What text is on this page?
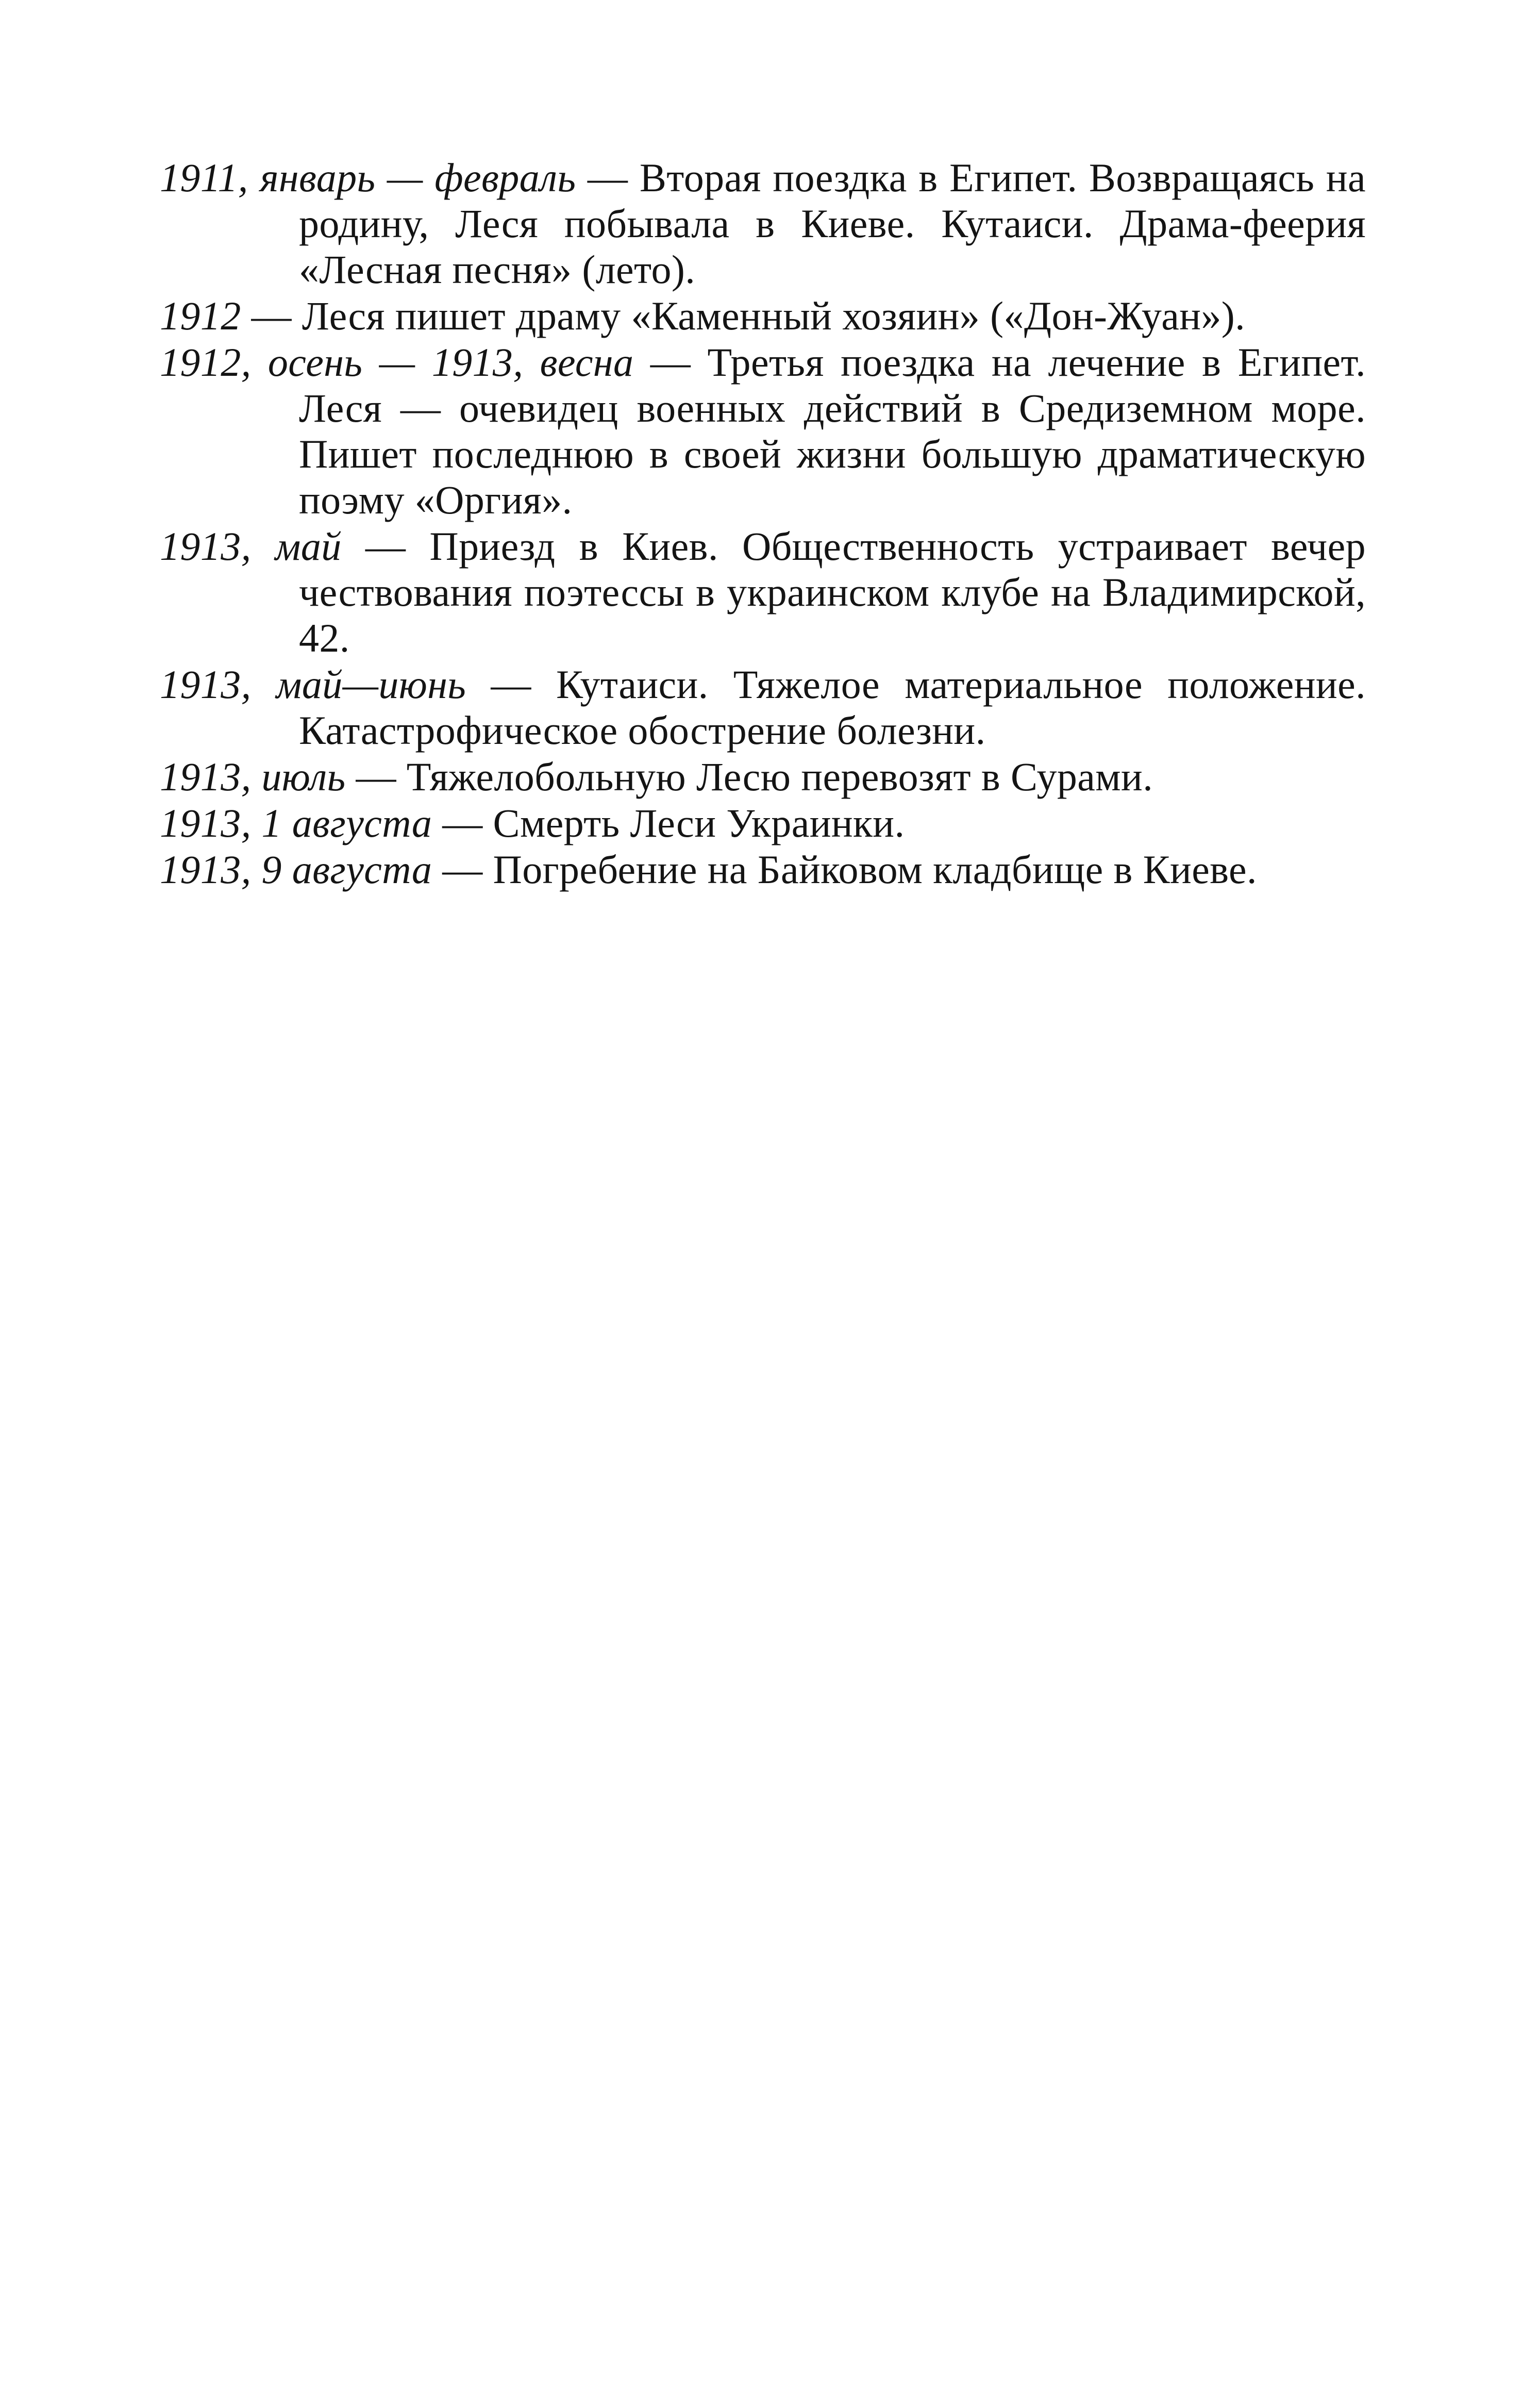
1911, январь — февраль — Вторая поездка в Египет. Возвращаясь на родину, Леся побывала в Киеве. Кутаиси. Драма-феерия «Лесная песня» (лето).

1912 — Леся пишет драму «Каменный хозяин» («Дон-Жуан»).

1912, осень — 1913, весна — Третья поездка на лечение в Египет. Леся — очевидец военных действий в Средиземном море. Пишет последнюю в своей жизни большую драматическую поэму «Оргия».

1913, май — Приезд в Киев. Общественность устраивает вечер чествования поэтессы в украинском клубе на Владимирской, 42.

1913, май—июнь — Кутаиси. Тяжелое материальное положение. Катастрофическое обострение болезни.

1913, июль — Тяжелобольную Лесю перевозят в Сурами.

1913, 1 августа — Смерть Леси Украинки.

1913, 9 августа — Погребение на Байковом кладбище в Киеве.
